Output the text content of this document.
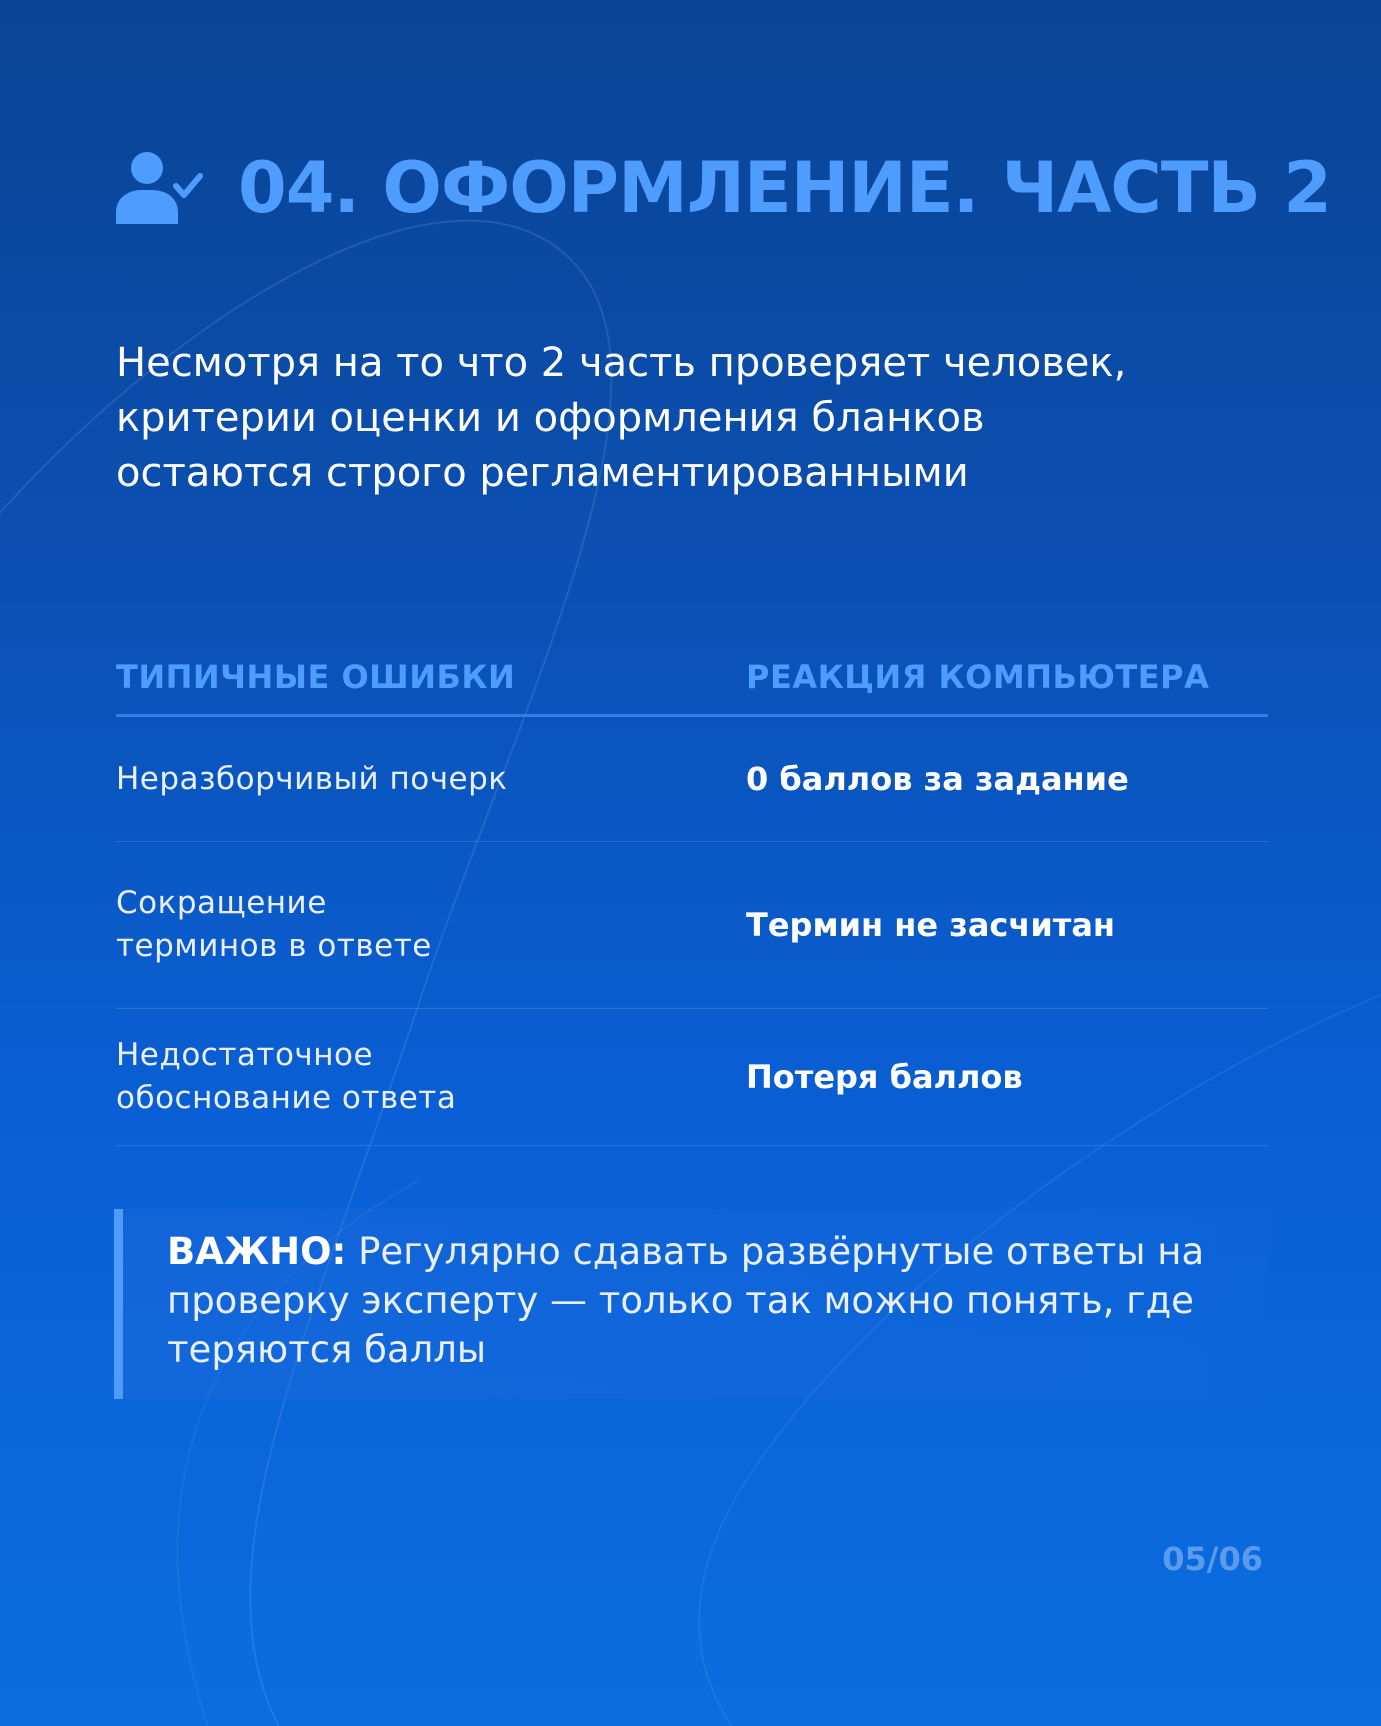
04. ОФОРМЛЕНИЕ. ЧАСТЬ 2

Несмотря на то что 2 часть проверяет человек, критерии оценки и оформления бланков остаются строго регламентированными

ТИПИЧНЫЕ ОШИБКИ	РЕАКЦИЯ КОМПЬЮТЕРА
Неразборчивый почерк	0 баллов за задание
Сокращение терминов в ответе
Термин не засчитан
Недостаточное обоснование ответа
Потеря баллов

ВАЖНО: Регулярно сдавать развёрнутые ответы на проверку эксперту — только так можно понять, где теряются баллы

05/06
